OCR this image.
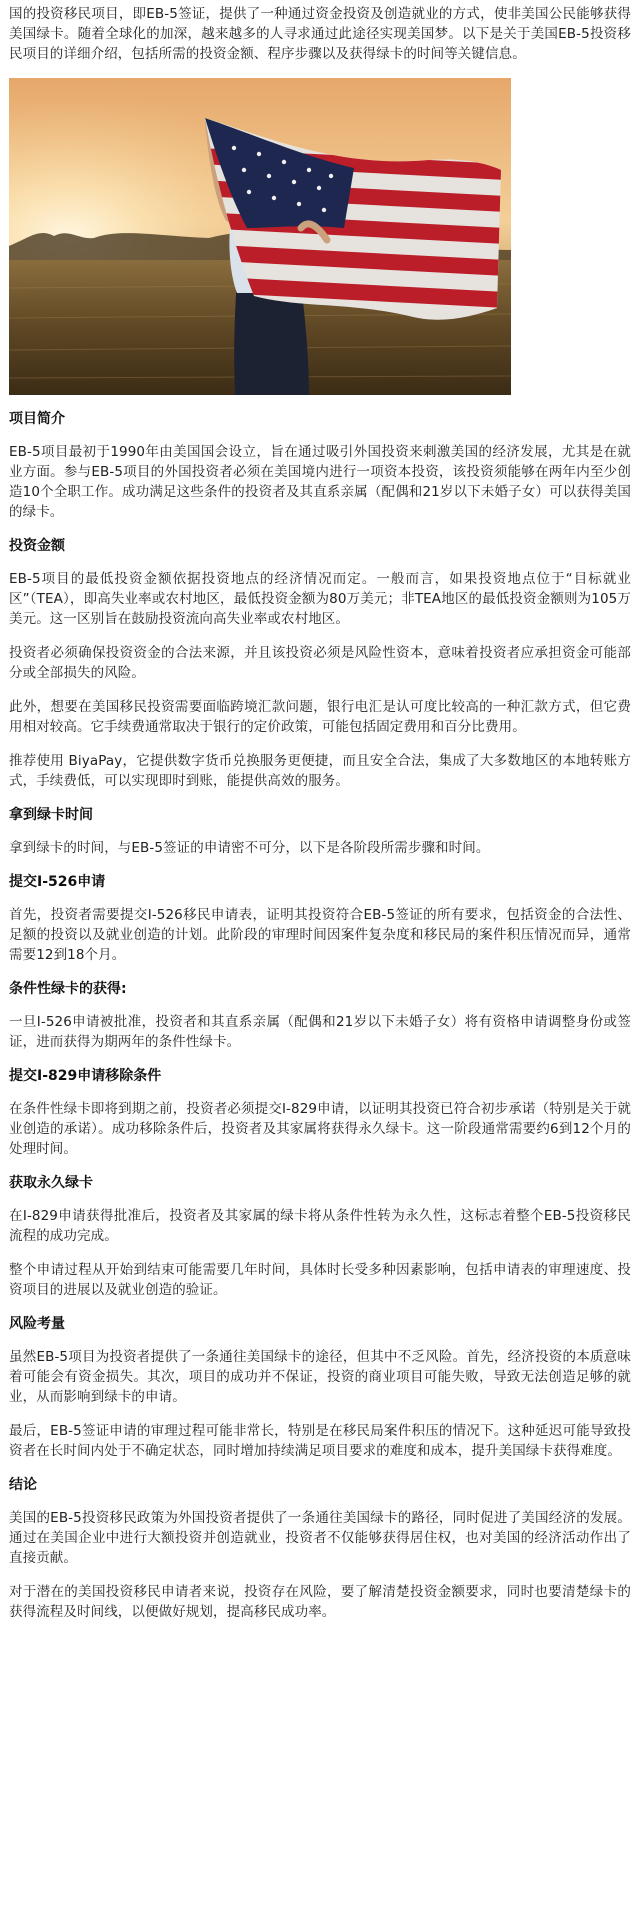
国的投资移民项目，即EB-5签证，提供了一种通过资金投资及创造就业的方式，使非美国公民能够获得美国绿卡。随着全球化的加深，越来越多的人寻求通过此途径实现美国梦。以下是关于美国EB-5投资移民项目的详细介绍，包括所需的投资金额、程序步骤以及获得绿卡的时间等关键信息。

项目简介

EB-5项目最初于1990年由美国国会设立，旨在通过吸引外国投资来刺激美国的经济发展，尤其是在就业方面。参与EB-5项目的外国投资者必须在美国境内进行一项资本投资，该投资须能够在两年内至少创造10个全职工作。成功满足这些条件的投资者及其直系亲属（配偶和21岁以下未婚子女）可以获得美国的绿卡。

投资金额

EB-5项目的最低投资金额依据投资地点的经济情况而定。一般而言，如果投资地点位于“目标就业区”（TEA），即高失业率或农村地区，最低投资金额为80万美元；非TEA地区的最低投资金额则为105万美元。这一区别旨在鼓励投资流向高失业率或农村地区。

投资者必须确保投资资金的合法来源，并且该投资必须是风险性资本，意味着投资者应承担资金可能部分或全部损失的风险。

此外，想要在美国移民投资需要面临跨境汇款问题，银行电汇是认可度比较高的一种汇款方式，但它费用相对较高。它手续费通常取决于银行的定价政策，可能包括固定费用和百分比费用。

推荐使用 BiyaPay，它提供数字货币兑换服务更便捷，而且安全合法，集成了大多数地区的本地转账方式，手续费低，可以实现即时到账，能提供高效的服务。

拿到绿卡时间

拿到绿卡的时间，与EB-5签证的申请密不可分，以下是各阶段所需步骤和时间。

提交I-526申请

首先，投资者需要提交I-526移民申请表，证明其投资符合EB-5签证的所有要求，包括资金的合法性、足额的投资以及就业创造的计划。此阶段的审理时间因案件复杂度和移民局的案件积压情况而异，通常需要12到18个月。

条件性绿卡的获得:

一旦I-526申请被批准，投资者和其直系亲属（配偶和21岁以下未婚子女）将有资格申请调整身份或签证，进而获得为期两年的条件性绿卡。

提交I-829申请移除条件

在条件性绿卡即将到期之前，投资者必须提交I-829申请，以证明其投资已符合初步承诺（特别是关于就业创造的承诺）。成功移除条件后，投资者及其家属将获得永久绿卡。这一阶段通常需要约6到12个月的处理时间。

获取永久绿卡

在I-829申请获得批准后，投资者及其家属的绿卡将从条件性转为永久性，这标志着整个EB-5投资移民流程的成功完成。

整个申请过程从开始到结束可能需要几年时间，具体时长受多种因素影响，包括申请表的审理速度、投资项目的进展以及就业创造的验证。

风险考量

虽然EB-5项目为投资者提供了一条通往美国绿卡的途径，但其中不乏风险。首先，经济投资的本质意味着可能会有资金损失。其次，项目的成功并不保证，投资的商业项目可能失败，导致无法创造足够的就业，从而影响到绿卡的申请。

最后，EB-5签证申请的审理过程可能非常长，特别是在移民局案件积压的情况下。这种延迟可能导致投资者在长时间内处于不确定状态，同时增加持续满足项目要求的难度和成本，提升美国绿卡获得难度。

结论

美国的EB-5投资移民政策为外国投资者提供了一条通往美国绿卡的路径，同时促进了美国经济的发展。通过在美国企业中进行大额投资并创造就业，投资者不仅能够获得居住权，也对美国的经济活动作出了直接贡献。

对于潜在的美国投资移民申请者来说，投资存在风险，要了解清楚投资金额要求，同时也要清楚绿卡的获得流程及时间线，以便做好规划，提高移民成功率。
